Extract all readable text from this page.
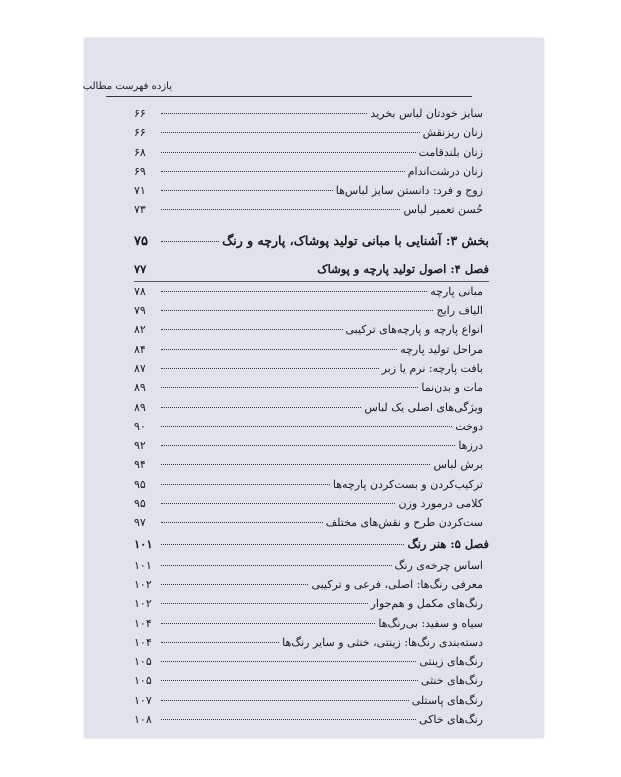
یازده فهرست مطالب
سایز خودتان لباس بخرید
۶۶
زنان ریزنقش
۶۶
زنان بلندقامت
۶۸
زنان درشت‌اندام
۶۹
زوج و فرد: دانستن سایز لباس‌ها
۷۱
حُسن تعمیر لباس
۷۳
بخش ۳: آشنایی با مبانی تولید پوشاک، پارچه و رنگ
۷۵
فصل ۴: اصول تولید پارچه و پوشاک
۷۷
مبانی پارچه
۷۸
الیاف رایج
۷۹
انواع پارچه و پارچه‌های ترکیبی
۸۲
مراحل تولید پارچه
۸۴
بافت پارچه: نرم یا زبر
۸۷
مات و بدن‌نما
۸۹
ویژگی‌های اصلی یک لباس
۸۹
دوخت
۹۰
درزها
۹۲
برش لباس
۹۴
ترکیب‌کردن و بست‌کردن پارچه‌ها
۹۵
کلامی درمورد وزن
۹۵
ست‌کردن طرح و نقش‌های مختلف
۹۷
فصل ۵: هنر رنگ
۱۰۱
اساس چرخه‌ی رنگ
۱۰۱
معرفی رنگ‌ها: اصلی، فرعی و ترکیبی
۱۰۲
رنگ‌های مکمل و هم‌جوار
۱۰۲
سیاه و سفید: بی‌رنگ‌ها
۱۰۴
دسته‌بندی رنگ‌ها: زینتی، خنثی و سایر رنگ‌ها
۱۰۴
رنگ‌های زینتی
۱۰۵
رنگ‌های خنثی
۱۰۵
رنگ‌های پاستلی
۱۰۷
رنگ‌های خاکی
۱۰۸
